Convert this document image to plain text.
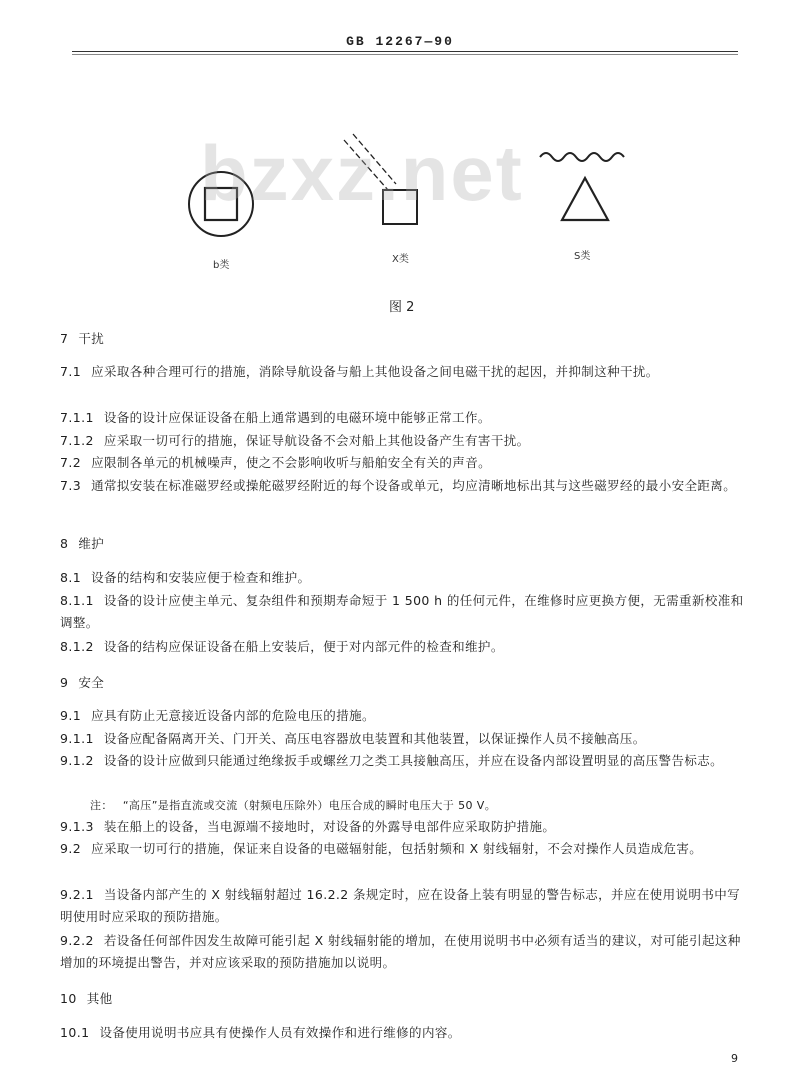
GB 12267—90
bzxz.net
b类
X类	S类
图 2
7 干扰
7.1 应采取各种合理可行的措施，消除导航设备与船上其他设备之间电磁干扰的起因，并抑制这种干扰。
7.1.1 设备的设计应保证设备在船上通常遇到的电磁环境中能够正常工作。
7.1.2 应采取一切可行的措施，保证导航设备不会对船上其他设备产生有害干扰。
7.2 应限制各单元的机械噪声，使之不会影响收听与船舶安全有关的声音。
7.3 通常拟安装在标准磁罗经或操舵磁罗经附近的每个设备或单元，均应清晰地标出其与这些磁罗经的最小安全距离。
8 维护
8.1 设备的结构和安装应便于检查和维护。
8.1.1 设备的设计应使主单元、复杂组件和预期寿命短于 1 500 h 的任何元件，在维修时应更换方便，无需重新校准和调整。
8.1.2 设备的结构应保证设备在船上安装后，便于对内部元件的检查和维护。
9 安全
9.1 应具有防止无意接近设备内部的危险电压的措施。
9.1.1 设备应配备隔离开关、门开关、高压电容器放电装置和其他装置，以保证操作人员不接触高压。
9.1.2 设备的设计应做到只能通过绝缘扳手或螺丝刀之类工具接触高压，并应在设备内部设置明显的高压警告标志。
注： “高压”是指直流或交流（射频电压除外）电压合成的瞬时电压大于 50 V。
9.1.3 装在船上的设备，当电源端不接地时，对设备的外露导电部件应采取防护措施。
9.2 应采取一切可行的措施，保证来自设备的电磁辐射能，包括射频和 X 射线辐射，不会对操作人员造成危害。
9.2.1 当设备内部产生的 X 射线辐射超过 16.2.2 条规定时，应在设备上装有明显的警告标志，并应在使用说明书中写明使用时应采取的预防措施。
9.2.2 若设备任何部件因发生故障可能引起 X 射线辐射能的增加，在使用说明书中必须有适当的建议，对可能引起这种增加的环境提出警告，并对应该采取的预防措施加以说明。
10 其他
10.1 设备使用说明书应具有使操作人员有效操作和进行维修的内容。
9
